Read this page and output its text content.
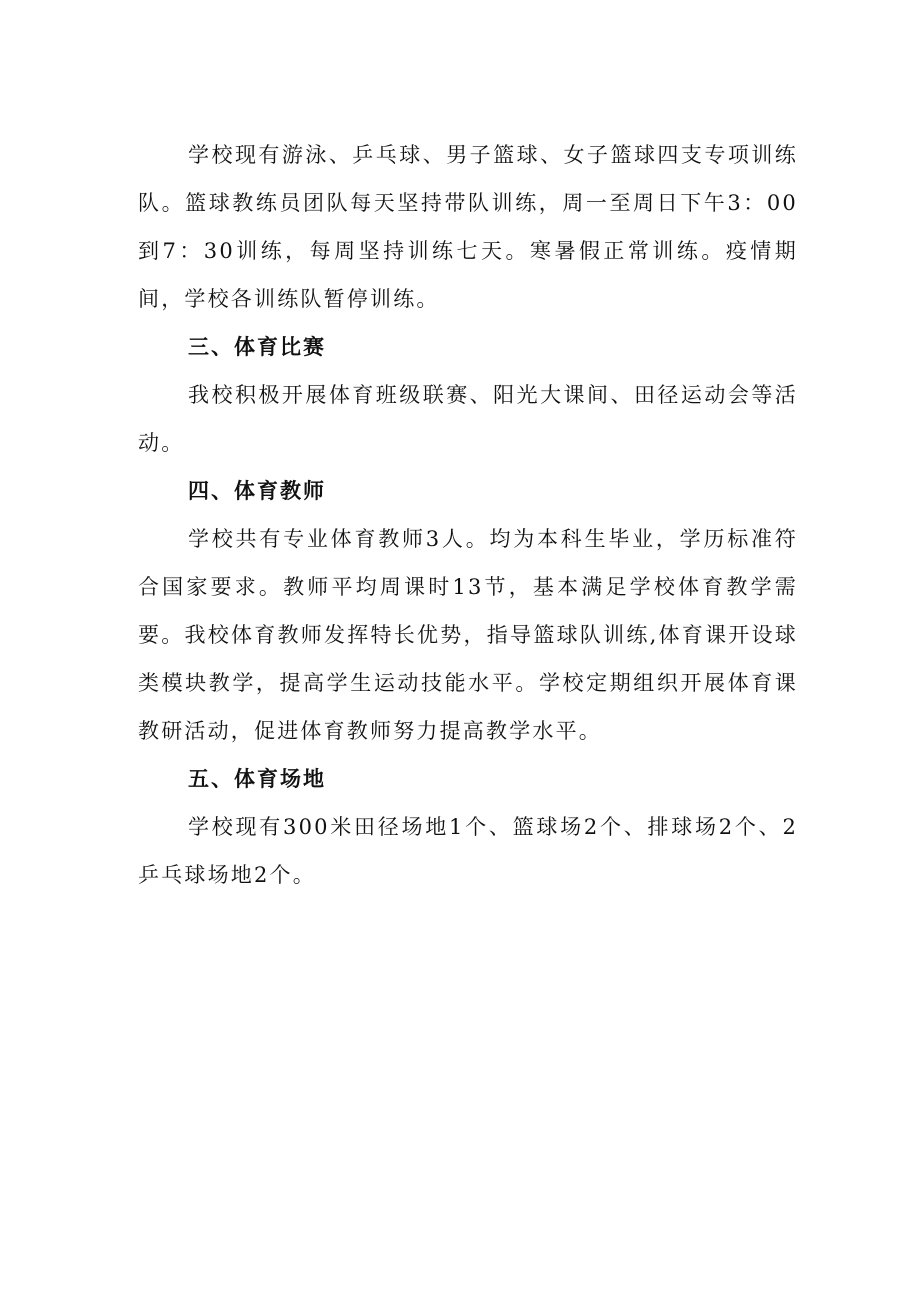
学校现有游泳、乒乓球、男子篮球、女子篮球四支专项训练队。篮球教练员团队每天坚持带队训练，周一至周日下午3：00到7：30训练，每周坚持训练七天。寒暑假正常训练。疫情期间，学校各训练队暂停训练。

三、体育比赛

我校积极开展体育班级联赛、阳光大课间、田径运动会等活动。

四、体育教师

学校共有专业体育教师3人。均为本科生毕业，学历标准符合国家要求。教师平均周课时13节，基本满足学校体育教学需要。我校体育教师发挥特长优势，指导篮球队训练,体育课开设球类模块教学，提高学生运动技能水平。学校定期组织开展体育课教研活动，促进体育教师努力提高教学水平。

五、体育场地

学校现有300米田径场地1个、篮球场2个、排球场2个、2乒乓球场地2个。
